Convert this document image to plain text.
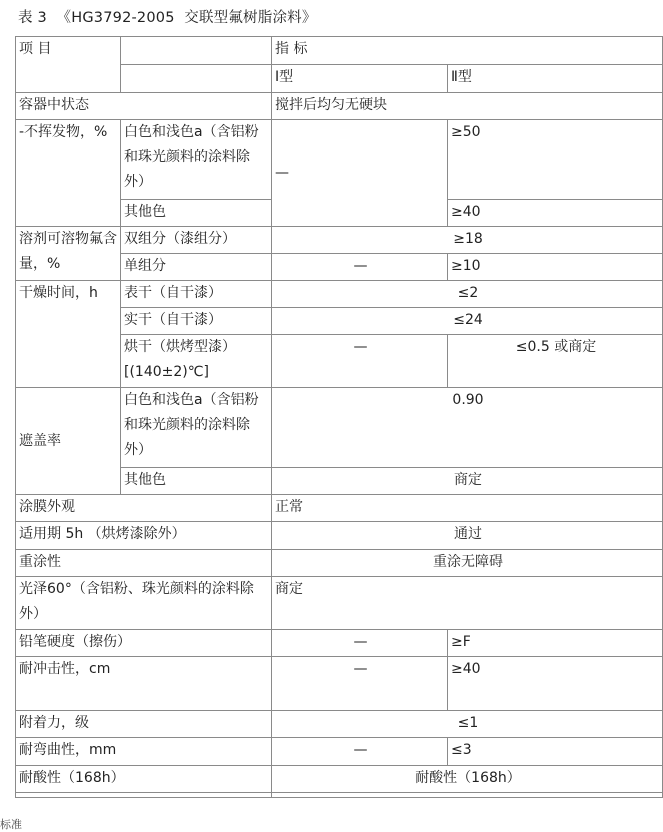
表 3  《HG3792-2005  交联型氟树脂涂料》
项 目		指 标	
		Ⅰ型	Ⅱ型
容器中状态		搅拌后均匀无硬块	
-不挥发物，%	白色和浅色a（含铝粉和珠光颜料的涂料除外）	—	≥50
	其他色		≥40
溶剂可溶物氟含量，%	双组分（漆组分）	≥18	
	单组分	—	≥10
干燥时间，h	表干（自干漆）	≤2	
	实干（自干漆）	≤24	
	烘干（烘烤型漆）[(140±2)℃]	—	≤0.5 或商定
遮盖率	白色和浅色a（含铝粉和珠光颜料的涂料除外）	0.90	
	其他色	商定	
涂膜外观		正常	
适用期 5h （烘烤漆除外）		通过	
重涂性		重涂无障碍	
光泽60°（含铝粉、珠光颜料的涂料除外）		商定	
铅笔硬度（擦伤）		—	≥F
耐冲击性，cm		—	≥40
附着力，级		≤1	
耐弯曲性，mm		—	≤3
耐酸性（168h）		耐酸性（168h）	

标准
